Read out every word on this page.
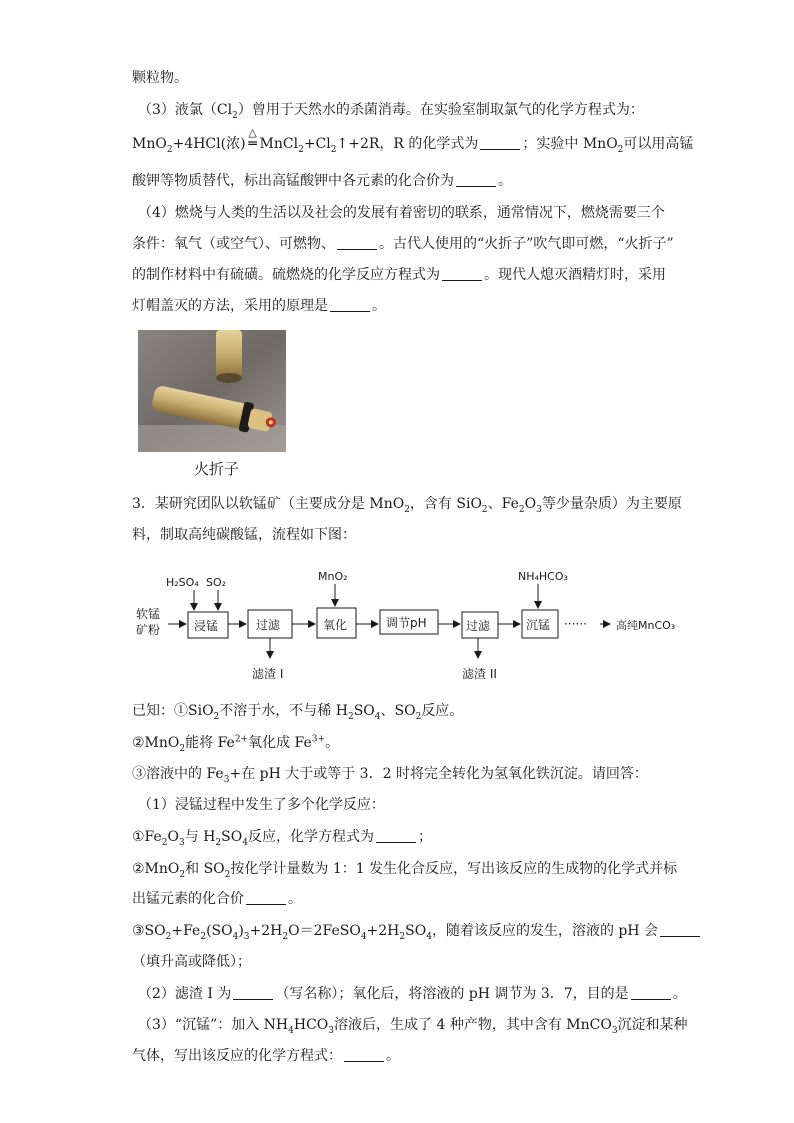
颗粒物。
（3）液氯$(Cl_2)$曾用于天然水的杀菌消毒。在实验室制取氯气的化学方程式为：
MnO$_2$+4HCl(浓)
△
═ $MnCl_2+Cl_2↑+2R$，R 的化学式为	；实验中 MnO$_2$可以用高锰
酸钾等物质替代，标出高锰酸钾中各元素的化合价为	。
（4）燃烧与人类的生活以及社会的发展有着密切的联系，通常情况下，燃烧需要三个
条件：氧气（或空气）、可燃物、	。古代人使用的“火折子”吹气即可燃，“火折子”
的制作材料中有硫磺。硫燃烧的化学反应方程式为	。现代人熄灭酒精灯时，采用
灯帽盖灭的方法，采用的原理是	。
火折子
3．某研究团队以软锰矿（主要成分是 MnO$_2$，含有 SiO$_2$、$Fe_2O_3$等少量杂质）为主要原
料，制取高纯碳酸锰，流程如下图：
软锰
矿粉
H₂SO₄ SO₂	MnO₂	NH₄HCO₃
浸锰	过滤	氧化	调节pH	过滤	沉锰 ······	高纯MnCO₃
滤渣 I	滤渣 II
已知：①SiO$_2$不溶于水，不与稀 $H_2SO_4$、$SO_2$反应。
②MnO$_2$能将 $Fe^{2+}$氧化成 $Fe^{3+}$。
③溶液中的 $Fe_3+$在 pH 大于或等于 3．2 时将完全转化为氢氧化铁沉淀。请回答：
（1）浸锰过程中发生了多个化学反应：
$①Fe_2O_3$与 $H_2SO_4$反应，化学方程式为	；
②MnO$_2$和 $SO_2$按化学计量数为 1：1 发生化合反应，写出该反应的生成物的化学式并标
出锰元素的化合价	。
$③SO_2+Fe_2(SO_4)_3+2H_2O=2FeSO_4+2H_2SO_4$，随着该反应的发生，溶液的 pH 会
（填升高或降低）；
（2）滤渣 I 为	（写名称）；氧化后，将溶液的 pH 调节为 3．7，目的是	。
（3）“沉锰”：加入 $NH_4HCO_3$溶液后，生成了 4 种产物，其中含有 MnCO$_3$沉淀和某种
气体，写出该反应的化学方程式：	。
